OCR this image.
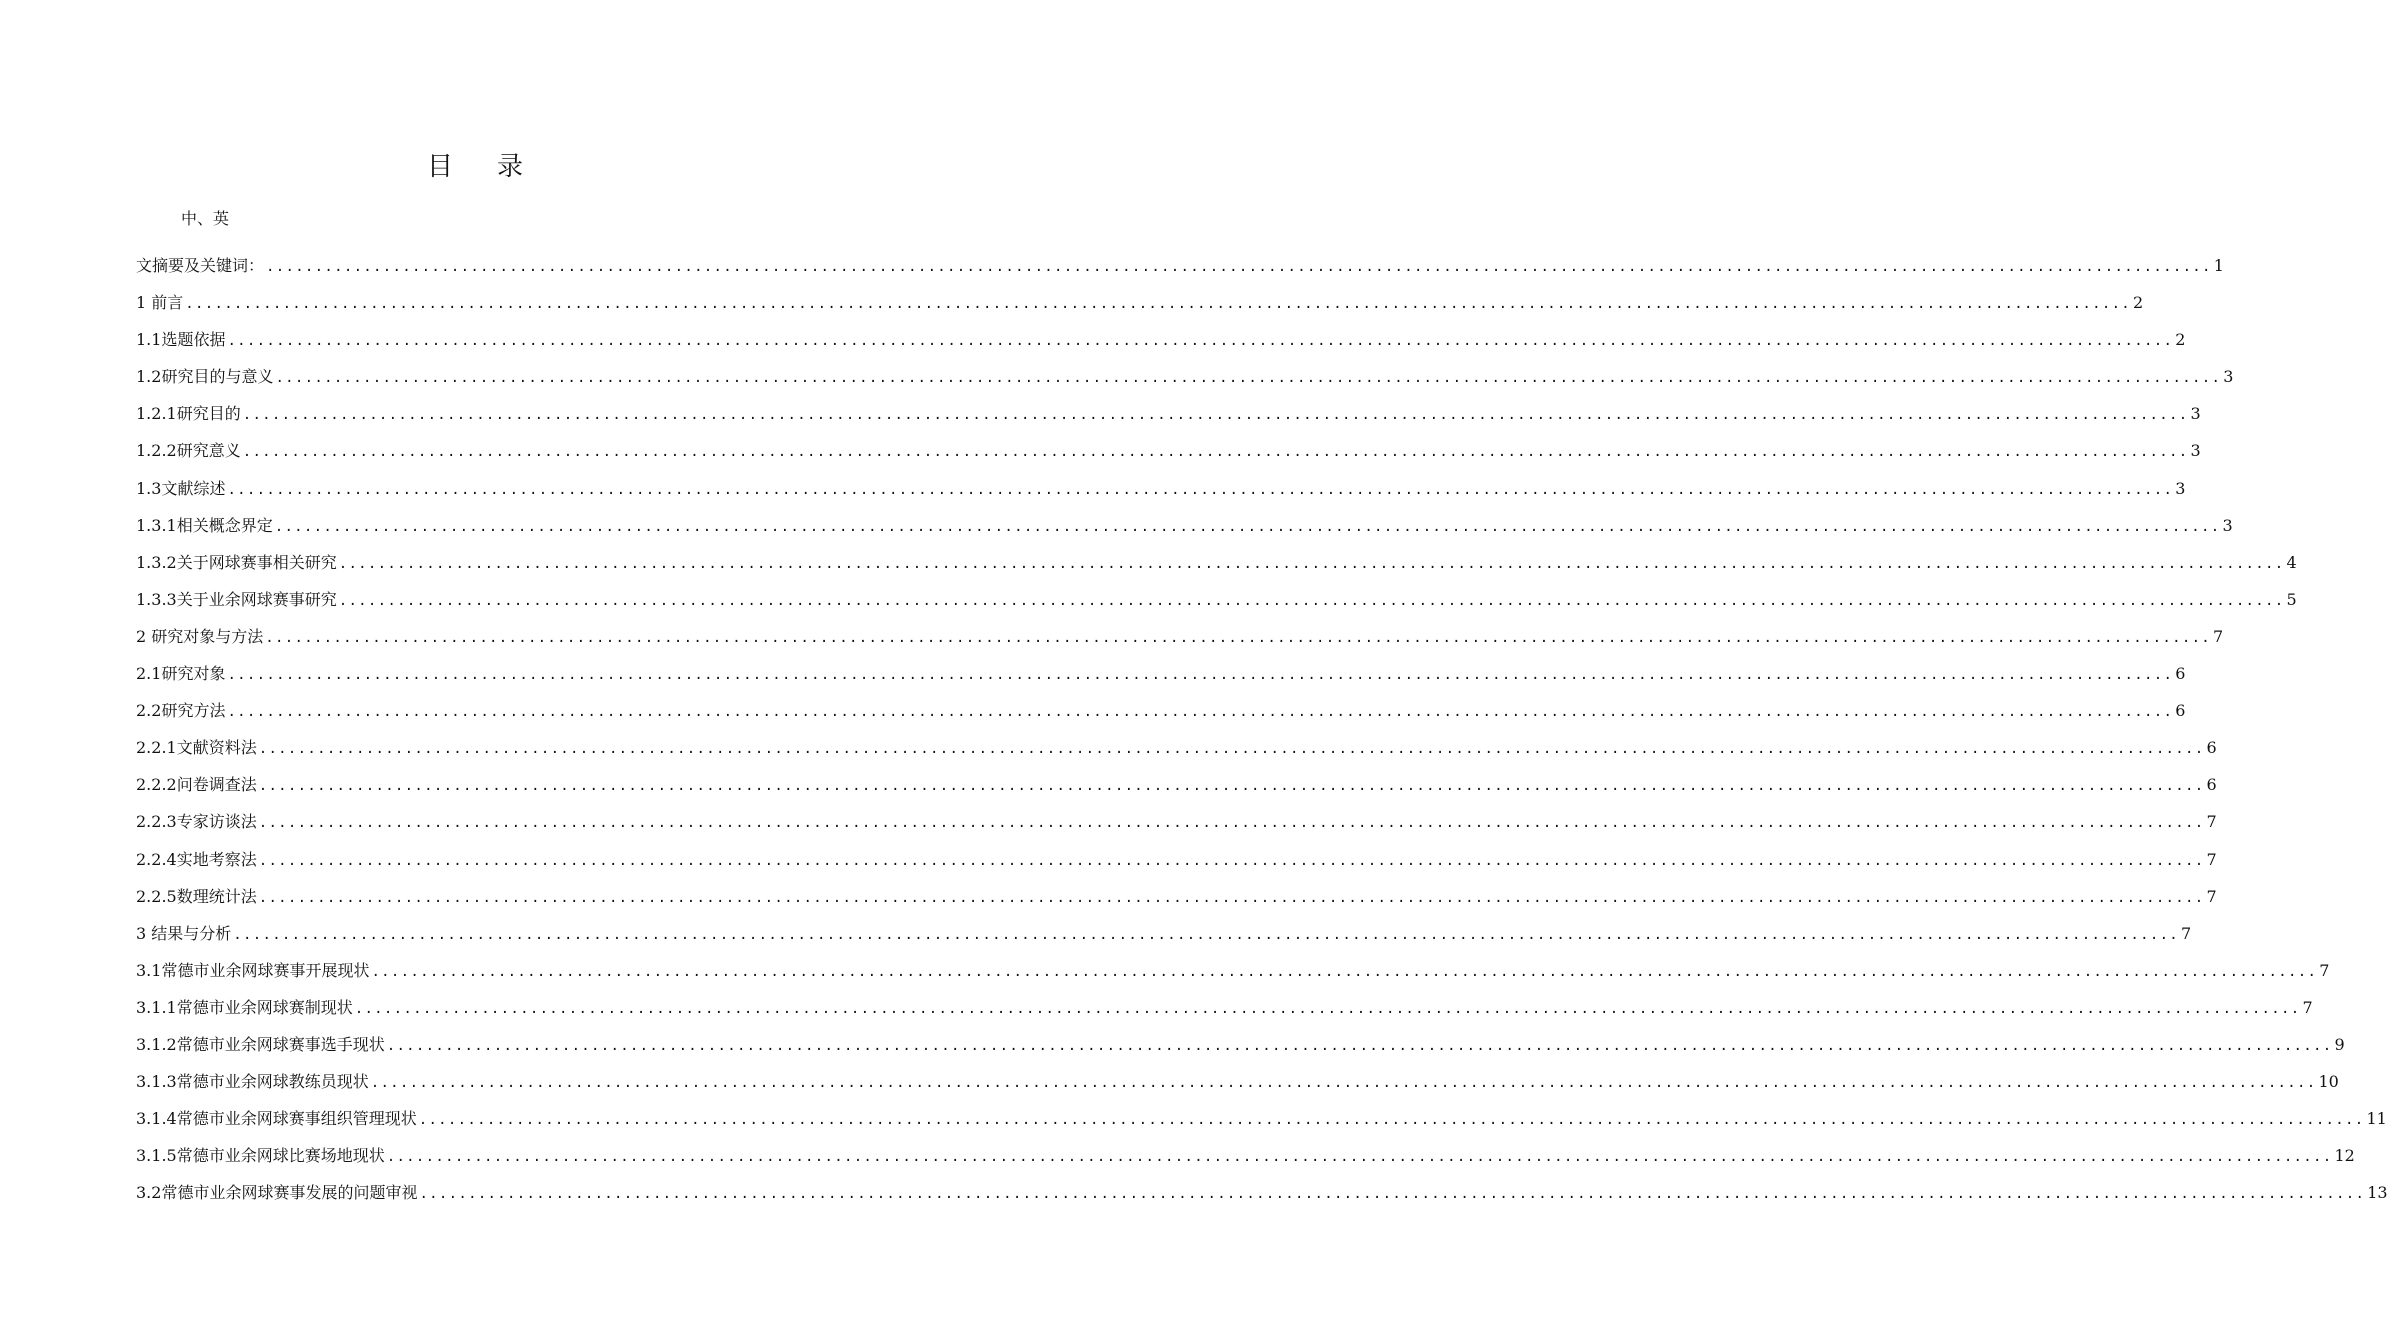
目 录
中、英
文摘要及关键词： ........................................................................................................................................................................................................ 1
1 前言 ........................................................................................................................................................................................................ 2
1.1选题依据 ........................................................................................................................................................................................................ 2
1.2研究目的与意义 ........................................................................................................................................................................................................ 3
1.2.1研究目的 ........................................................................................................................................................................................................ 3
1.2.2研究意义 ........................................................................................................................................................................................................ 3
1.3文献综述 ........................................................................................................................................................................................................ 3
1.3.1相关概念界定 ........................................................................................................................................................................................................ 3
1.3.2关于网球赛事相关研究 ........................................................................................................................................................................................................ 4
1.3.3关于业余网球赛事研究 ........................................................................................................................................................................................................ 5
2 研究对象与方法 ........................................................................................................................................................................................................ 7
2.1研究对象 ........................................................................................................................................................................................................ 6
2.2研究方法 ........................................................................................................................................................................................................ 6
2.2.1文献资料法 ........................................................................................................................................................................................................ 6
2.2.2问卷调查法 ........................................................................................................................................................................................................ 6
2.2.3专家访谈法 ........................................................................................................................................................................................................ 7
2.2.4实地考察法 ........................................................................................................................................................................................................ 7
2.2.5数理统计法 ........................................................................................................................................................................................................ 7
3 结果与分析 ........................................................................................................................................................................................................ 7
3.1常德市业余网球赛事开展现状 ........................................................................................................................................................................................................ 7
3.1.1常德市业余网球赛制现状 ........................................................................................................................................................................................................ 7
3.1.2常德市业余网球赛事选手现状 ........................................................................................................................................................................................................ 9
3.1.3常德市业余网球教练员现状 ........................................................................................................................................................................................................ 10
3.1.4常德市业余网球赛事组织管理现状 ........................................................................................................................................................................................................ 11
3.1.5常德市业余网球比赛场地现状 ........................................................................................................................................................................................................ 12
3.2常德市业余网球赛事发展的问题审视 ........................................................................................................................................................................................................ 13
